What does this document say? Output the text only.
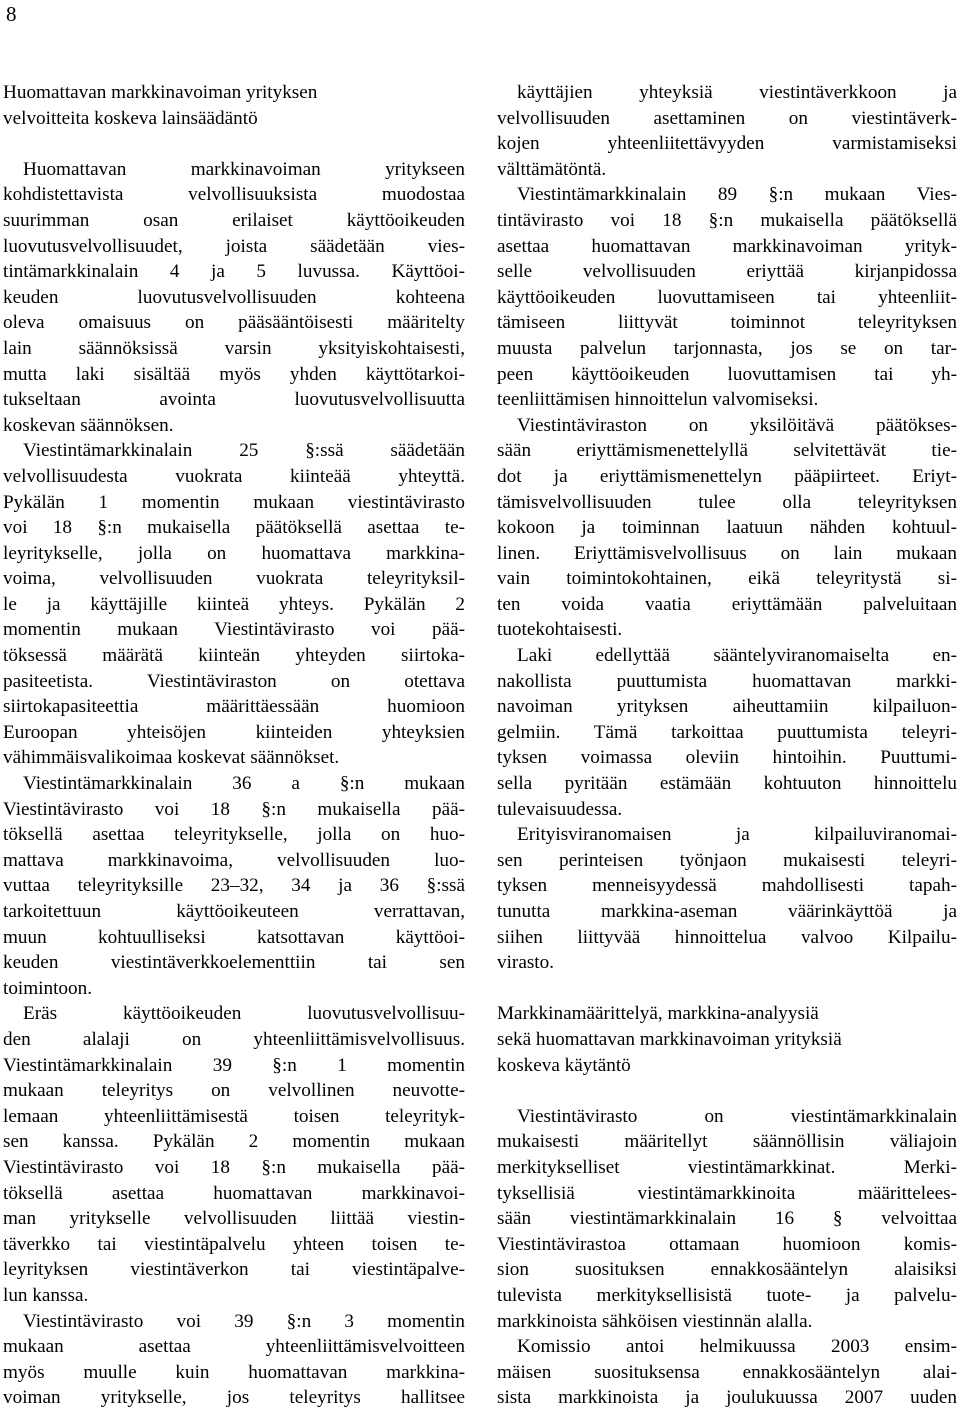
8
Huomattavan markkinavoiman yrityksen
velvoitteita koskeva lainsäädäntö
Huomattavan markkinavoiman yritykseen
kohdistettavista velvollisuuksista muodostaa
suurimman osan erilaiset käyttöoikeuden
luovutusvelvollisuudet, joista säädetään vies-
tintämarkkinalain 4 ja 5 luvussa. Käyttöoi-
keuden luovutusvelvollisuuden kohteena
oleva omaisuus on pääsääntöisesti määritelty
lain säännöksissä varsin yksityiskohtaisesti,
mutta laki sisältää myös yhden käyttötarkoi-
tukseltaan avointa luovutusvelvollisuutta
koskevan säännöksen.
Viestintämarkkinalain 25 §:ssä säädetään
velvollisuudesta vuokrata kiinteää yhteyttä.
Pykälän 1 momentin mukaan viestintävirasto
voi 18 §:n mukaisella päätöksellä asettaa te-
leyritykselle, jolla on huomattava markkina-
voima, velvollisuuden vuokrata teleyrityksil-
le ja käyttäjille kiinteä yhteys. Pykälän 2
momentin mukaan Viestintävirasto voi pää-
töksessä määrätä kiinteän yhteyden siirtoka-
pasiteetista. Viestintäviraston on otettava
siirtokapasiteettia määrittäessään huomioon
Euroopan yhteisöjen kiinteiden yhteyksien
vähimmäisvalikoimaa koskevat säännökset.
Viestintämarkkinalain 36 a §:n mukaan
Viestintävirasto voi 18 §:n mukaisella pää-
töksellä asettaa teleyritykselle, jolla on huo-
mattava markkinavoima, velvollisuuden luo-
vuttaa teleyrityksille 23–32, 34 ja 36 §:ssä
tarkoitettuun käyttöoikeuteen verrattavan,
muun kohtuulliseksi katsottavan käyttöoi-
keuden viestintäverkkoelementtiin tai sen
toimintoon.
Eräs käyttöoikeuden luovutusvelvollisuu-
den alalaji on yhteenliittämisvelvollisuus.
Viestintämarkkinalain 39 §:n 1 momentin
mukaan teleyritys on velvollinen neuvotte-
lemaan yhteenliittämisestä toisen teleyrityk-
sen kanssa. Pykälän 2 momentin mukaan
Viestintävirasto voi 18 §:n mukaisella pää-
töksellä asettaa huomattavan markkinavoi-
man yritykselle velvollisuuden liittää viestin-
täverkko tai viestintäpalvelu yhteen toisen te-
leyrityksen viestintäverkon tai viestintäpalve-
lun kanssa.
Viestintävirasto voi 39 §:n 3 momentin
mukaan asettaa yhteenliittämisvelvoitteen
myös muulle kuin huomattavan markkina-
voiman yritykselle, jos teleyritys hallitsee
käyttäjien yhteyksiä viestintäverkkoon ja
velvollisuuden asettaminen on viestintäverk-
kojen yhteenliitettävyyden varmistamiseksi
välttämätöntä.
Viestintämarkkinalain 89 §:n mukaan Vies-
tintävirasto voi 18 §:n mukaisella päätöksellä
asettaa huomattavan markkinavoiman yrityk-
selle velvollisuuden eriyttää kirjanpidossa
käyttöoikeuden luovuttamiseen tai yhteenliit-
tämiseen liittyvät toiminnot teleyrityksen
muusta palvelun tarjonnasta, jos se on tar-
peen käyttöoikeuden luovuttamisen tai yh-
teenliittämisen hinnoittelun valvomiseksi.
Viestintäviraston on yksilöitävä päätökses-
sään eriyttämismenettelyllä selvitettävät tie-
dot ja eriyttämismenettelyn pääpiirteet. Eriyt-
tämisvelvollisuuden tulee olla teleyrityksen
kokoon ja toiminnan laatuun nähden kohtuul-
linen. Eriyttämisvelvollisuus on lain mukaan
vain toimintokohtainen, eikä teleyritystä si-
ten voida vaatia eriyttämään palveluitaan
tuotekohtaisesti.
Laki edellyttää sääntelyviranomaiselta en-
nakollista puuttumista huomattavan markki-
navoiman yrityksen aiheuttamiin kilpailuon-
gelmiin. Tämä tarkoittaa puuttumista teleyri-
tyksen voimassa oleviin hintoihin. Puuttumi-
sella pyritään estämään kohtuuton hinnoittelu
tulevaisuudessa.
Erityisviranomaisen ja kilpailuviranomai-
sen perinteisen työnjaon mukaisesti teleyri-
tyksen menneisyydessä mahdollisesti tapah-
tunutta markkina-aseman väärinkäyttöä ja
siihen liittyvää hinnoittelua valvoo Kilpailu-
virasto.
Markkinamäärittelyä, markkina-analyysiä
sekä huomattavan markkinavoiman yrityksiä
koskeva käytäntö
Viestintävirasto on viestintämarkkinalain
mukaisesti määritellyt säännöllisin väliajoin
merkitykselliset viestintämarkkinat. Merki-
tyksellisiä viestintämarkkinoita määrittelees-
sään viestintämarkkinalain 16 § velvoittaa
Viestintävirastoa ottamaan huomioon komis-
sion suosituksen ennakkosääntelyn alaisiksi
tulevista merkityksellisistä tuote- ja palvelu-
markkinoista sähköisen viestinnän alalla.
Komissio antoi helmikuussa 2003 ensim-
mäisen suosituksensa ennakkosääntelyn alai-
sista markkinoista ja joulukuussa 2007 uuden
